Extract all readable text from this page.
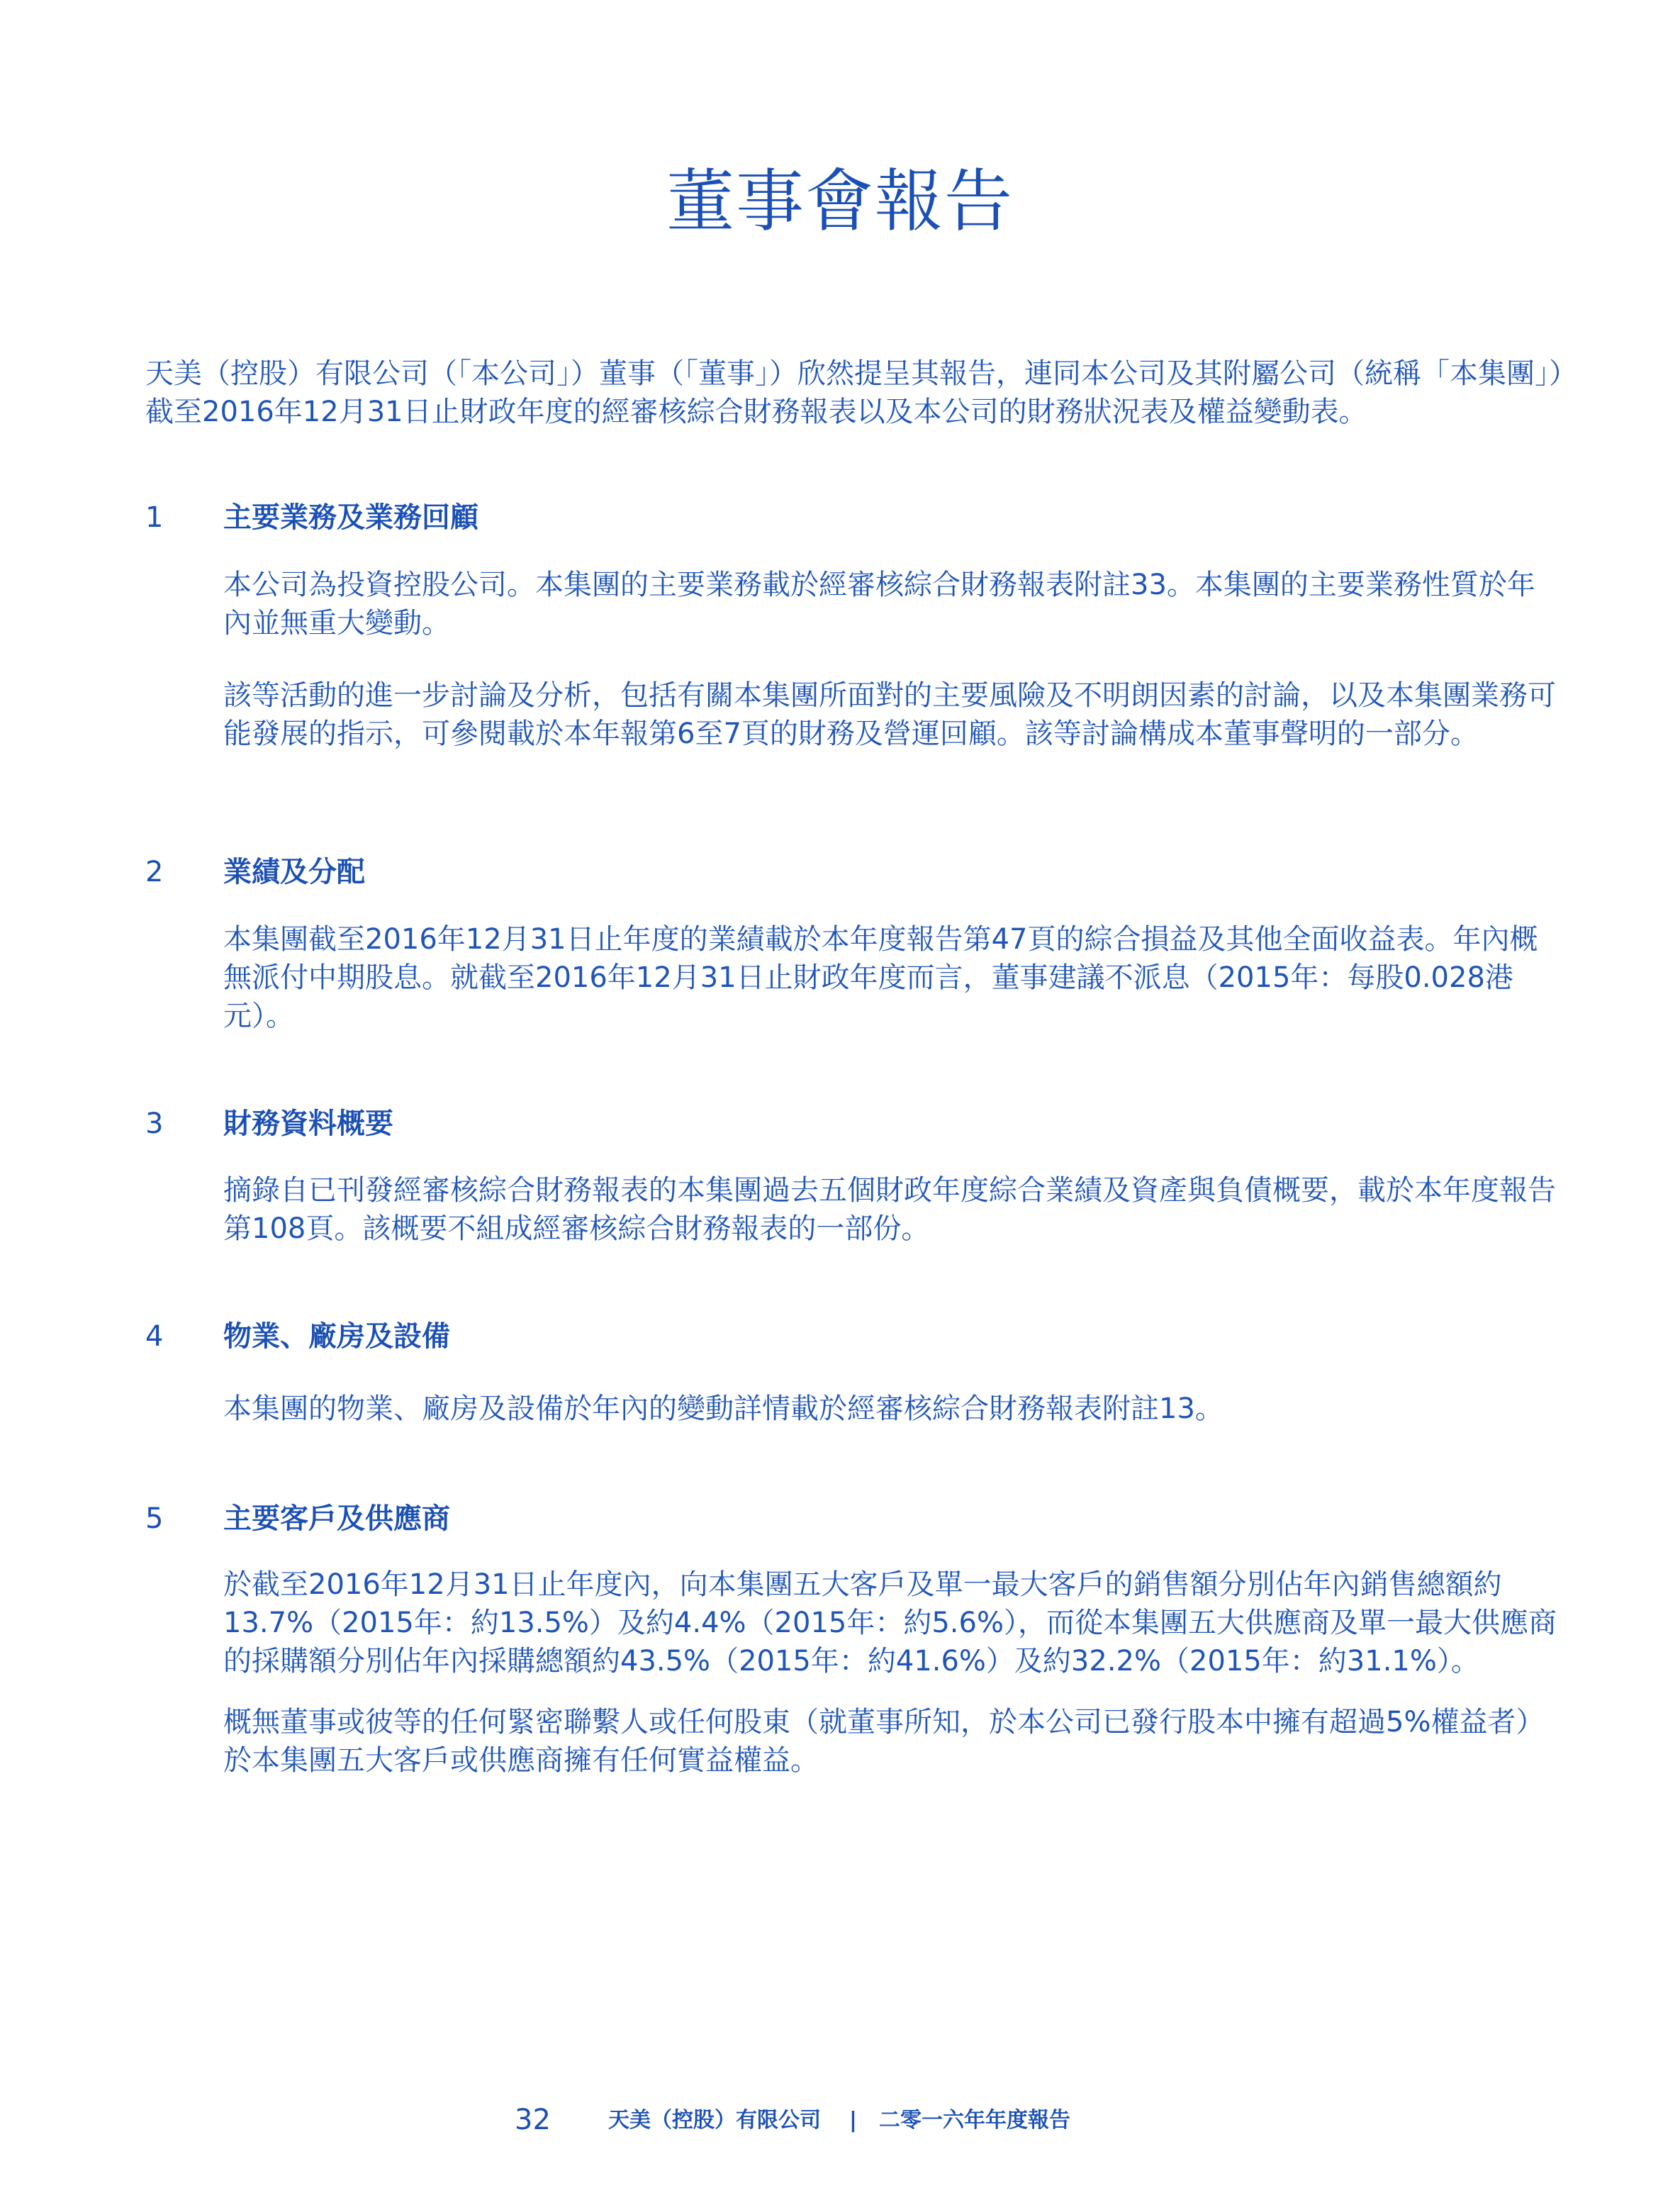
董事會報告

天美（控股）有限公司（「本公司」）董事（「董事」）欣然提呈其報告，連同本公司及其附屬公司（統稱「本集團」）截至2016年12月31日止財政年度的經審核綜合財務報表以及本公司的財務狀況表及權益變動表。

1 主要業務及業務回顧

本公司為投資控股公司。本集團的主要業務載於經審核綜合財務報表附註33。本集團的主要業務性質於年內並無重大變動。

該等活動的進一步討論及分析，包括有關本集團所面對的主要風險及不明朗因素的討論，以及本集團業務可能發展的指示，可參閱載於本年報第6至7頁的財務及營運回顧。該等討論構成本董事聲明的一部分。

2 業績及分配

本集團截至2016年12月31日止年度的業績載於本年度報告第47頁的綜合損益及其他全面收益表。年內概無派付中期股息。就截至2016年12月31日止財政年度而言，董事建議不派息（2015年：每股0.028港元）。

3 財務資料概要

摘錄自已刊發經審核綜合財務報表的本集團過去五個財政年度綜合業績及資產與負債概要，載於本年度報告第108頁。該概要不組成經審核綜合財務報表的一部份。

4 物業、廠房及設備

本集團的物業、廠房及設備於年內的變動詳情載於經審核綜合財務報表附註13。

5 主要客戶及供應商

於截至2016年12月31日止年度內，向本集團五大客戶及單一最大客戶的銷售額分別佔年內銷售總額約13.7%（2015年：約13.5%）及約4.4%（2015年：約5.6%），而從本集團五大供應商及單一最大供應商的採購額分別佔年內採購總額約43.5%（2015年：約41.6%）及約32.2%（2015年：約31.1%）。

概無董事或彼等的任何緊密聯繫人或任何股東（就董事所知，於本公司已發行股本中擁有超過5%權益者）於本集團五大客戶或供應商擁有任何實益權益。

32	天美（控股）有限公司 | 二零一六年年度報告
